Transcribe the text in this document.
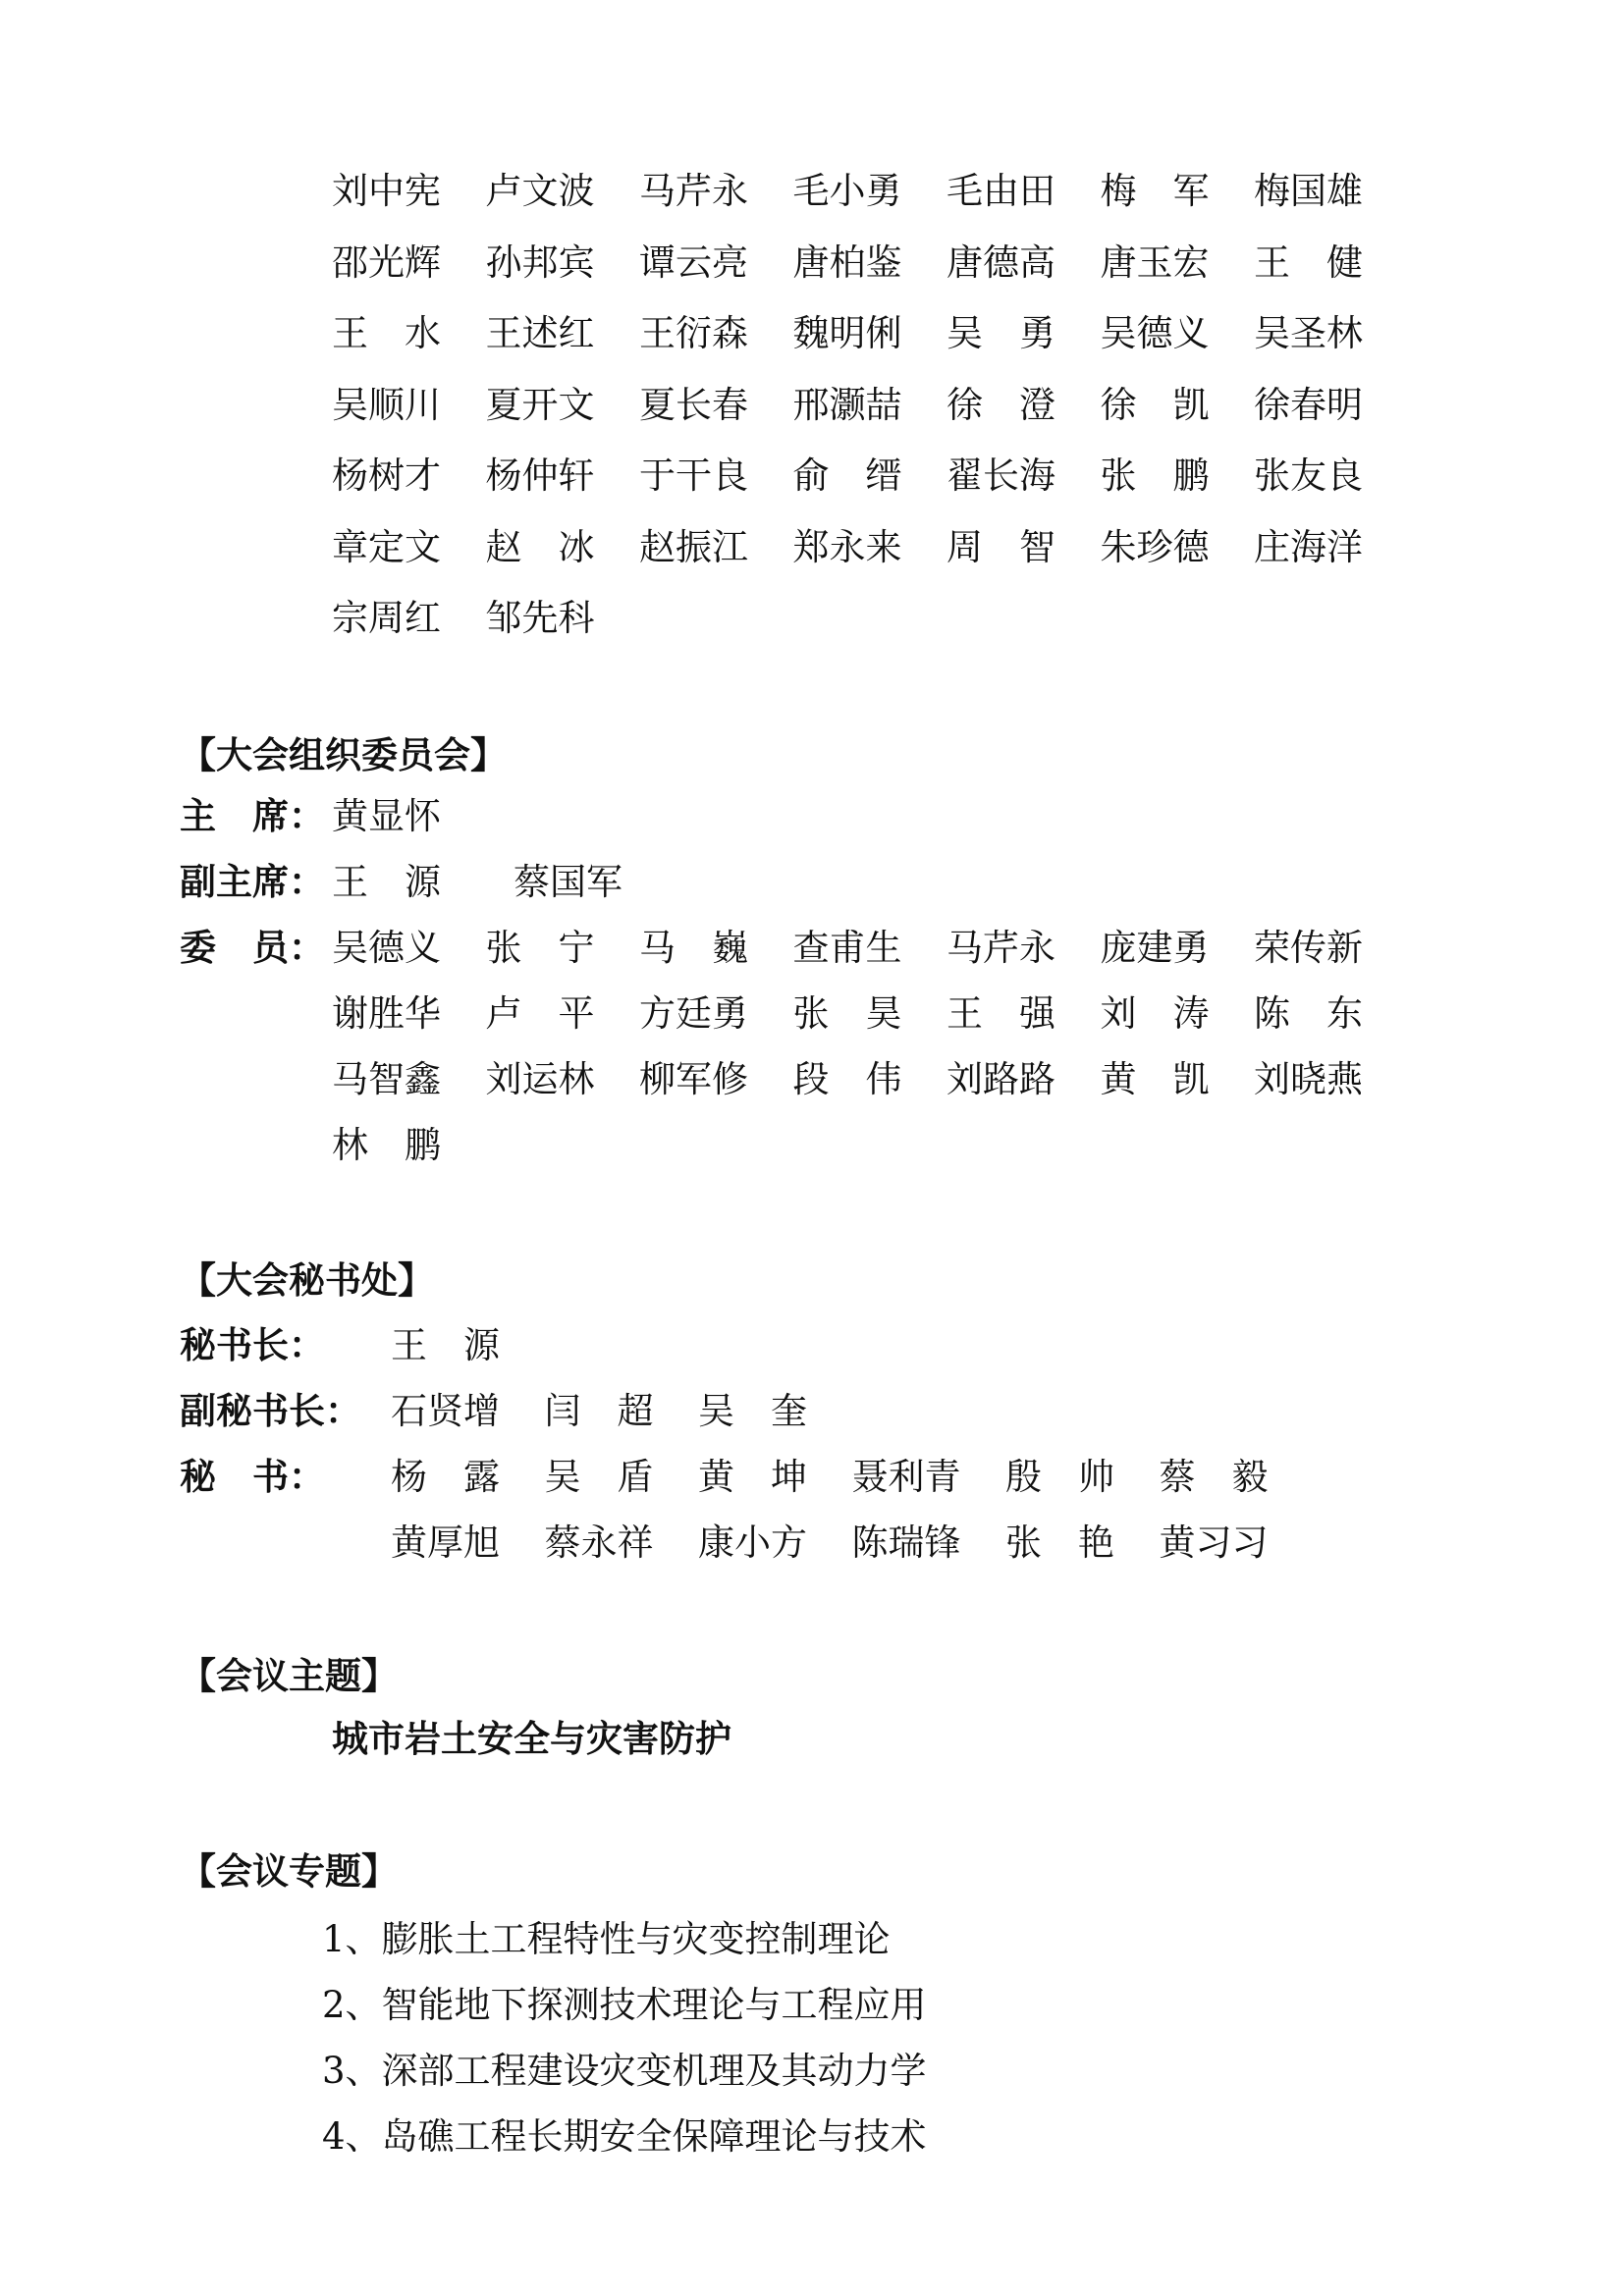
刘中宪	卢文波	马芹永	毛小勇	毛由田	梅　军	梅国雄
邵光辉	孙邦宾	谭云亮	唐柏鉴	唐德高	唐玉宏	王　健
王　水	王述红	王衍森	魏明俐	吴　勇	吴德义	吴圣林
吴顺川	夏开文	夏长春	邢灏喆	徐　澄	徐　凯	徐春明
杨树才	杨仲轩	于干良	俞　缙	翟长海	张　鹏	张友良
章定文	赵　冰	赵振江	郑永来	周　智	朱珍德	庄海洋
宗周红	邹先科
【大会组织委员会】
主　席： 黄显怀
副主席： 王　源　　蔡国军
委　员： 吴德义	张　宁	马　巍	查甫生	马芹永	庞建勇	荣传新
谢胜华	卢　平	方廷勇	张　昊	王　强	刘　涛	陈　东
马智鑫	刘运林	柳军修	段　伟	刘路路	黄　凯	刘晓燕
林　鹏
【大会秘书处】
秘书长： 王　源
副秘书长： 石贤增	闫　超	吴　奎
秘　书： 杨　露	吴　盾	黄　坤	聂利青	殷　帅	蔡　毅
黄厚旭	蔡永祥	康小方	陈瑞锋	张　艳	黄习习
【会议主题】
城市岩土安全与灾害防护
【会议专题】
1、膨胀土工程特性与灾变控制理论
2、智能地下探测技术理论与工程应用
3、深部工程建设灾变机理及其动力学
4、岛礁工程长期安全保障理论与技术
